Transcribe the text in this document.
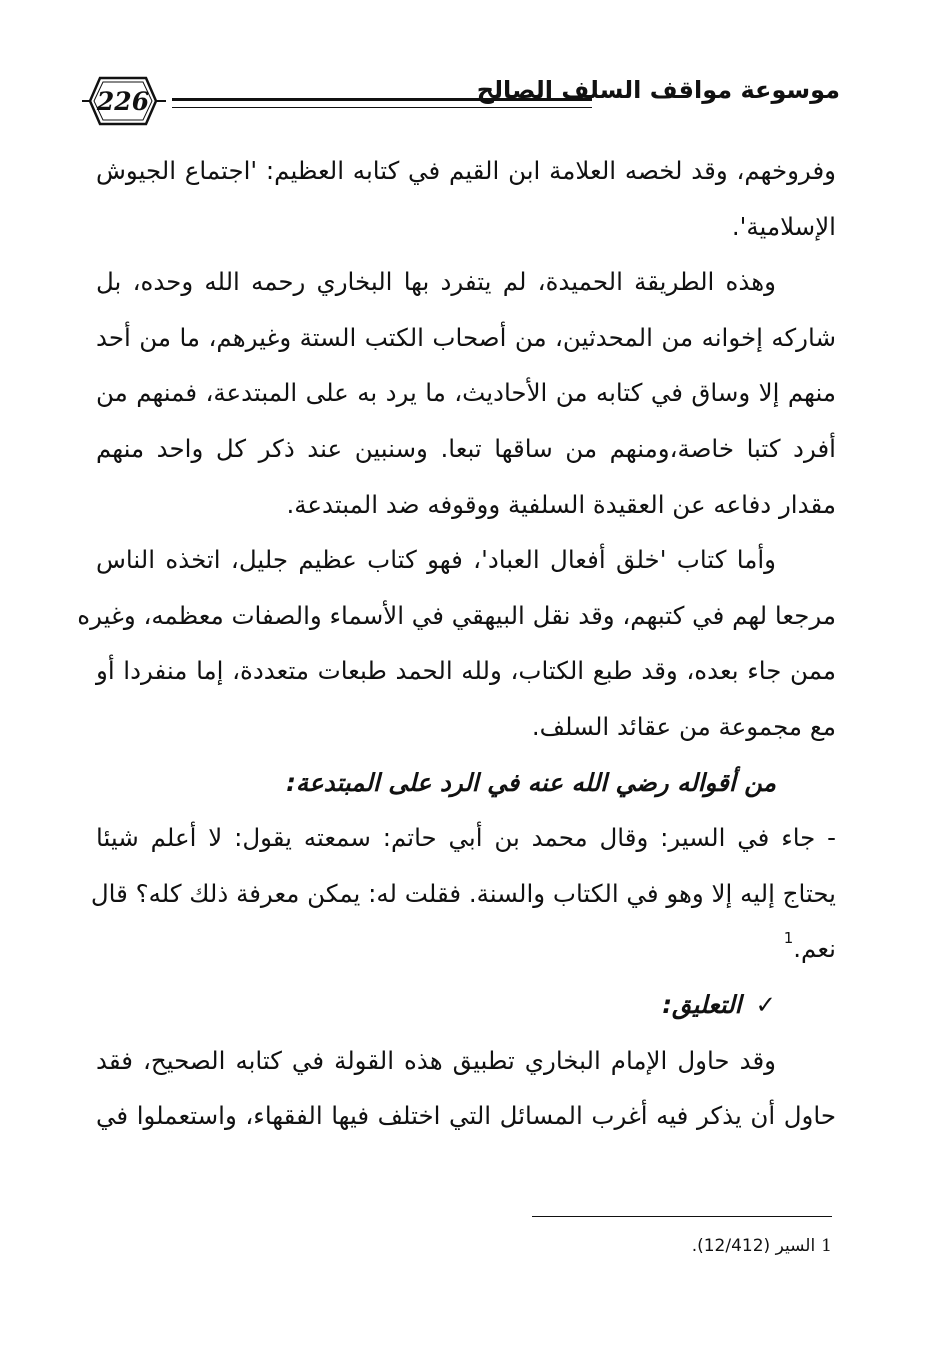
226	موسوعة مواقف السلف الصالح
وفروخهم، وقد لخصه العلامة ابن القيم في كتابه العظيم: 'اجتماع الجيوش
الإسلامية'.
وهذه الطريقة الحميدة، لم يتفرد بها البخاري رحمه الله وحده، بل
شاركه إخوانه من المحدثين، من أصحاب الكتب الستة وغيرهم، ما من أحد
منهم إلا وساق في كتابه من الأحاديث، ما يرد به على المبتدعة، فمنهم من
أفرد كتبا خاصة،ومنهم من ساقها تبعا. وسنبين عند ذكر كل واحد منهم
مقدار دفاعه عن العقيدة السلفية ووقوفه ضد المبتدعة.
وأما كتاب 'خلق أفعال العباد'، فهو كتاب عظيم جليل، اتخذه الناس
مرجعا لهم في كتبهم، وقد نقل البيهقي في الأسماء والصفات معظمه، وغيره
ممن جاء بعده، وقد طبع الكتاب، ولله الحمد طبعات متعددة، إما منفردا أو
مع مجموعة من عقائد السلف.
من أقواله رضي الله عنه في الرد على المبتدعة:
- جاء في السير: وقال محمد بن أبي حاتم: سمعته يقول: لا أعلم شيئا
يحتاج إليه إلا وهو في الكتاب والسنة. فقلت له: يمكن معرفة ذلك كله؟ قال
نعم.$^1$
✓التعليق:
وقد حاول الإمام البخاري تطبيق هذه القولة في كتابه الصحيح، فقد
حاول أن يذكر فيه أغرب المسائل التي اختلف فيها الفقهاء، واستعملوا في
1السير (12/412).
